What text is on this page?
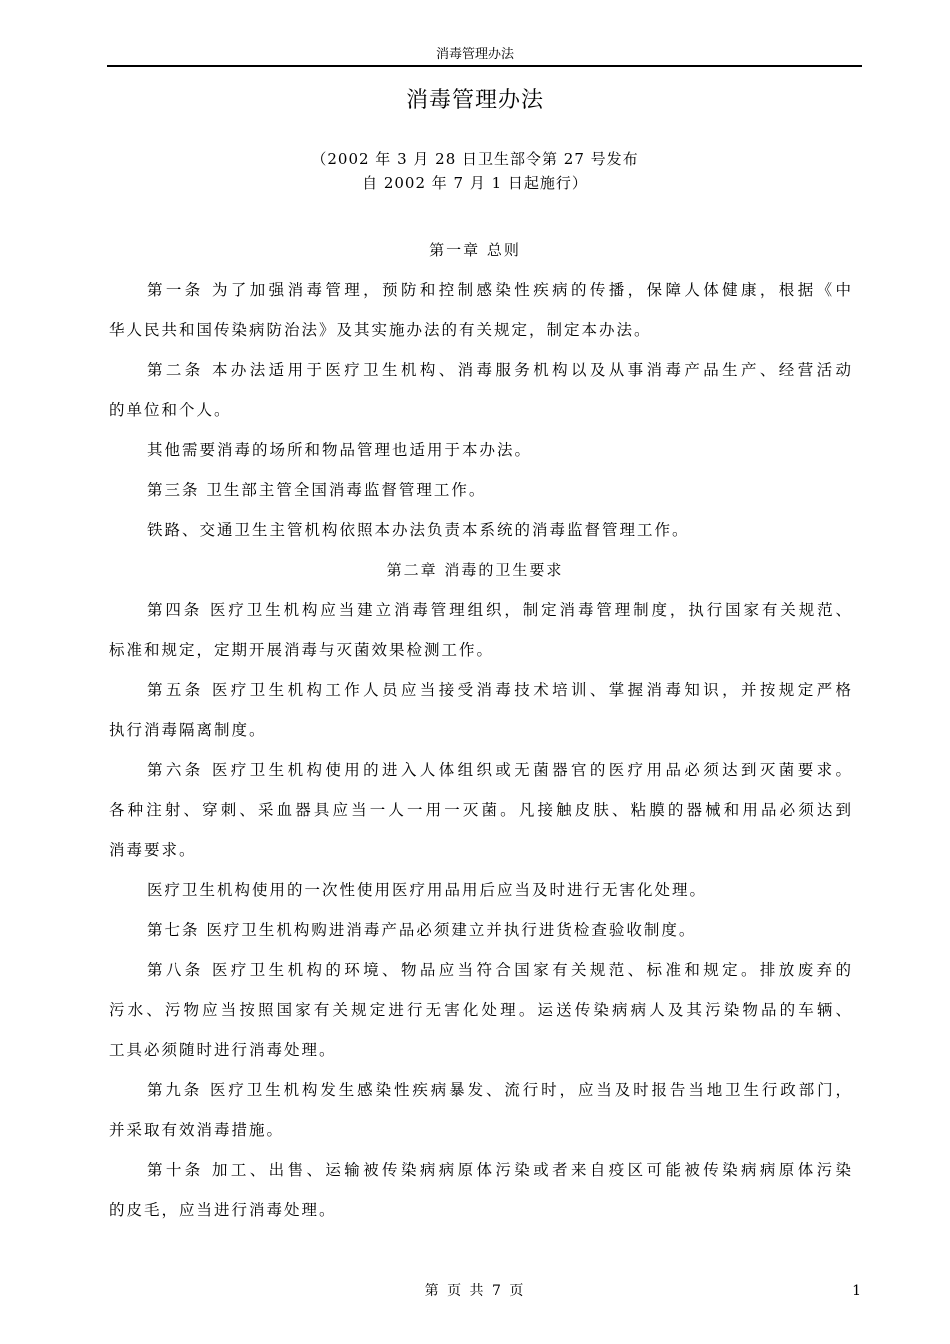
消毒管理办法
消毒管理办法
（2002 年 3 月 28 日卫生部令第 27 号发布
自 2002 年 7 月 1 日起施行）
第一章 总则
第一条 为了加强消毒管理，预防和控制感染性疾病的传播，保障人体健康，根据《中
华人民共和国传染病防治法》及其实施办法的有关规定，制定本办法。
第二条 本办法适用于医疗卫生机构、消毒服务机构以及从事消毒产品生产、经营活动
的单位和个人。
其他需要消毒的场所和物品管理也适用于本办法。
第三条 卫生部主管全国消毒监督管理工作。
铁路、交通卫生主管机构依照本办法负责本系统的消毒监督管理工作。
第二章 消毒的卫生要求
第四条 医疗卫生机构应当建立消毒管理组织，制定消毒管理制度，执行国家有关规范、
标准和规定，定期开展消毒与灭菌效果检测工作。
第五条 医疗卫生机构工作人员应当接受消毒技术培训、掌握消毒知识，并按规定严格
执行消毒隔离制度。
第六条 医疗卫生机构使用的进入人体组织或无菌器官的医疗用品必须达到灭菌要求。
各种注射、穿刺、采血器具应当一人一用一灭菌。凡接触皮肤、粘膜的器械和用品必须达到
消毒要求。
医疗卫生机构使用的一次性使用医疗用品用后应当及时进行无害化处理。
第七条 医疗卫生机构购进消毒产品必须建立并执行进货检查验收制度。
第八条 医疗卫生机构的环境、物品应当符合国家有关规范、标准和规定。排放废弃的
污水、污物应当按照国家有关规定进行无害化处理。运送传染病病人及其污染物品的车辆、
工具必须随时进行消毒处理。
第九条 医疗卫生机构发生感染性疾病暴发、流行时，应当及时报告当地卫生行政部门，
并采取有效消毒措施。
第十条 加工、出售、运输被传染病病原体污染或者来自疫区可能被传染病病原体污染
的皮毛，应当进行消毒处理。
第 页 共 7 页	1
